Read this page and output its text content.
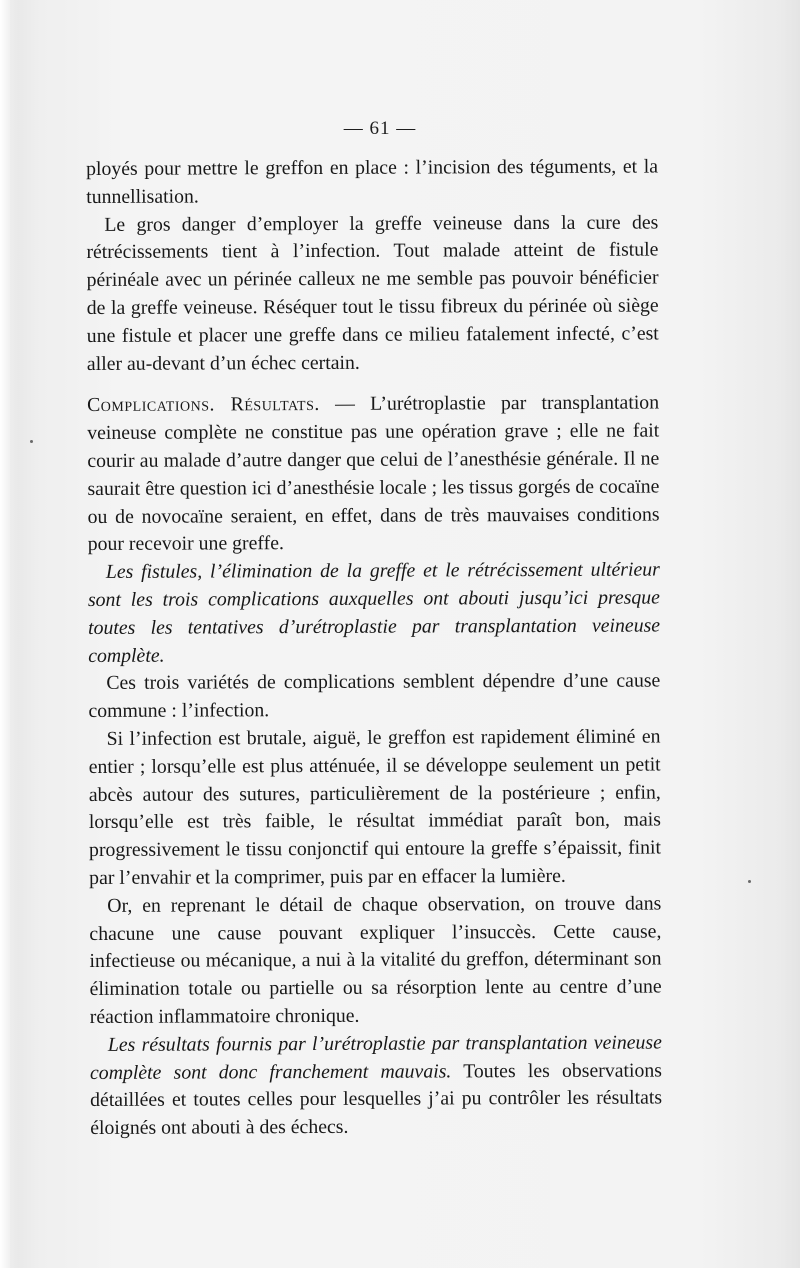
— 61 —

ployés pour mettre le greffon en place : l’incision des téguments, et la tunnellisation.

Le gros danger d’employer la greffe veineuse dans la cure des rétrécissements tient à l’infection. Tout malade atteint de fistule périnéale avec un périnée calleux ne me semble pas pouvoir bénéficier de la greffe veineuse. Réséquer tout le tissu fibreux du périnée où siège une fistule et placer une greffe dans ce milieu fatalement infecté, c’est aller au-devant d’un échec certain.

Complications. Résultats. — L’urétroplastie par transplantation veineuse complète ne constitue pas une opération grave ; elle ne fait courir au malade d’autre danger que celui de l’anesthésie générale. Il ne saurait être question ici d’anesthésie locale ; les tissus gorgés de cocaïne ou de novocaïne seraient, en effet, dans de très mauvaises conditions pour recevoir une greffe.

Les fistules, l’élimination de la greffe et le rétrécissement ultérieur sont les trois complications auxquelles ont abouti jusqu’ici presque toutes les tentatives d’urétroplastie par transplantation veineuse complète.

Ces trois variétés de complications semblent dépendre d’une cause commune : l’infection.

Si l’infection est brutale, aiguë, le greffon est rapidement éliminé en entier ; lorsqu’elle est plus atténuée, il se développe seulement un petit abcès autour des sutures, particulièrement de la postérieure ; enfin, lorsqu’elle est très faible, le résultat immédiat paraît bon, mais progressivement le tissu conjonctif qui entoure la greffe s’épaissit, finit par l’envahir et la comprimer, puis par en effacer la lumière.

Or, en reprenant le détail de chaque observation, on trouve dans chacune une cause pouvant expliquer l’insuccès. Cette cause, infectieuse ou mécanique, a nui à la vitalité du greffon, déterminant son élimination totale ou partielle ou sa résorption lente au centre d’une réaction inflammatoire chronique.

Les résultats fournis par l’urétroplastie par transplantation veineuse complète sont donc franchement mauvais. Toutes les observations détaillées et toutes celles pour lesquelles j’ai pu contrôler les résultats éloignés ont abouti à des échecs.
